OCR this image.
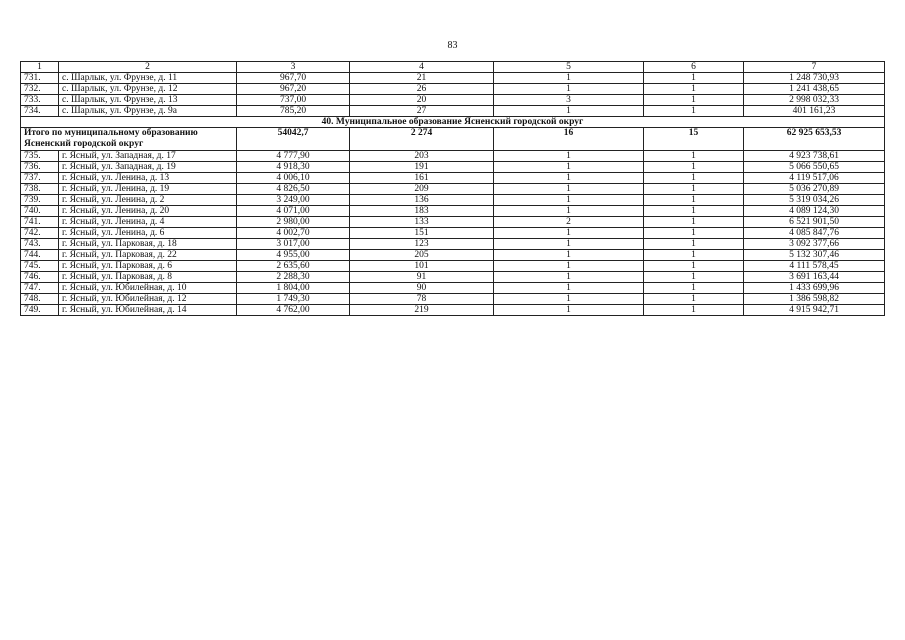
83
1	2	3	4	5	6	7
731.	с. Шарлык, ул. Фрунзе, д. 11	967,70	21	1	1	1 248 730,93
732.	с. Шарлык, ул. Фрунзе, д. 12	967,20	26	1	1	1 241 438,65
733.	с. Шарлык, ул. Фрунзе, д. 13	737,00	20	3	1	2 998 032,33
734.	с. Шарлык, ул. Фрунзе, д. 9а	785,20	27	1	1	401 161,23
40. Муниципальное образование Ясненский городской округ						
Итого по муниципальному образованию Ясненский городской округ		54042,7	2 274	16	15	62 925 653,53
735.	г. Ясный, ул. Западная, д. 17	4 777,90	203	1	1	4 923 738,61
736.	г. Ясный, ул. Западная, д. 19	4 918,30	191	1	1	5 066 550,65
737.	г. Ясный, ул. Ленина, д. 13	4 006,10	161	1	1	4 119 517,06
738.	г. Ясный, ул. Ленина, д. 19	4 826,50	209	1	1	5 036 270,89
739.	г. Ясный, ул. Ленина, д. 2	3 249,00	136	1	1	5 319 034,26
740.	г. Ясный, ул. Ленина, д. 20	4 071,00	183	1	1	4 089 124,30
741.	г. Ясный, ул. Ленина, д. 4	2 980,00	133	2	1	6 521 901,50
742.	г. Ясный, ул. Ленина, д. 6	4 002,70	151	1	1	4 085 847,76
743.	г. Ясный, ул. Парковая, д. 18	3 017,00	123	1	1	3 092 377,66
744.	г. Ясный, ул. Парковая, д. 22	4 955,00	205	1	1	5 132 307,46
745.	г. Ясный, ул. Парковая, д. 6	2 635,60	101	1	1	4 111 578,45
746.	г. Ясный, ул. Парковая, д. 8	2 288,30	91	1	1	3 691 163,44
747.	г. Ясный, ул. Юбилейная, д. 10	1 804,00	90	1	1	1 433 699,96
748.	г. Ясный, ул. Юбилейная, д. 12	1 749,30	78	1	1	1 386 598,82
749.	г. Ясный, ул. Юбилейная, д. 14	4 762,00	219	1	1	4 915 942,71
